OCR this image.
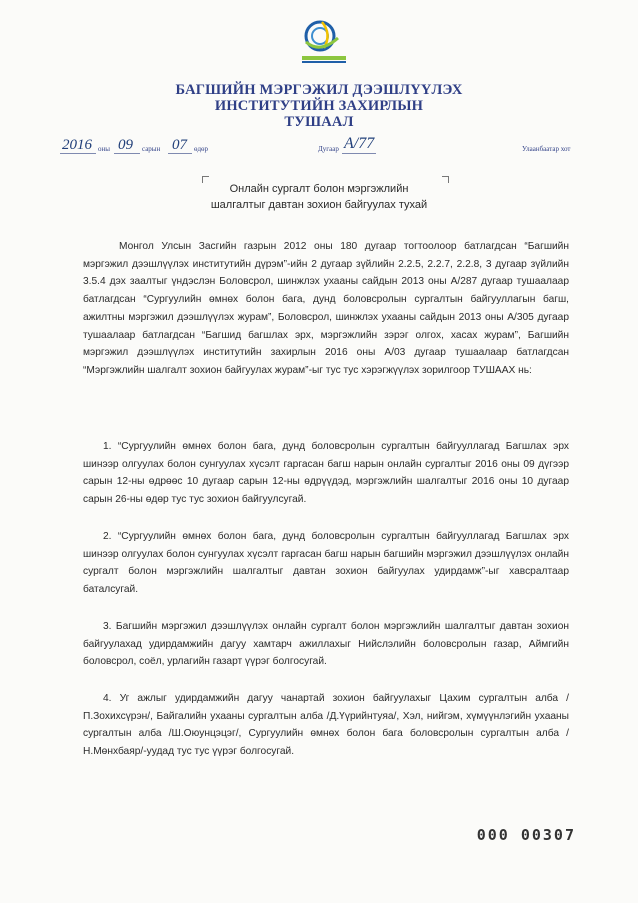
БАГШИЙН МЭРГЭЖИЛ ДЭЭШЛҮҮЛЭХ
ИНСТИТУТИЙН ЗАХИРЛЫН
ТУШААЛ
2016 оны 09 сарын 07 өдөр	Дугаар А/77	Улаанбаатар хот
Онлайн сургалт болон мэргэжлийн
шалгалтыг давтан зохион байгуулах тухай

Монгол Улсын Засгийн газрын 2012 оны 180 дугаар тогтоолоор батлагдсан “Багшийн мэргэжил дээшлүүлэх институтийн дүрэм”-ийн 2 дугаар зүйлийн 2.2.5, 2.2.7, 2.2.8, 3 дугаар зүйлийн 3.5.4 дэх заалтыг үндэслэн Боловсрол, шинжлэх ухааны сайдын 2013 оны А/287 дугаар тушаалаар батлагдсан “Сургуулийн өмнөх болон бага, дунд боловсролын сургалтын байгууллагын багш, ажилтны мэргэжил дээшлүүлэх журам”, Боловсрол, шинжлэх ухааны сайдын 2013 оны А/305 дугаар тушаалаар батлагдсан “Багшид багшлах эрх, мэргэжлийн зэрэг олгох, хасах журам”, Багшийн мэргэжил дээшлүүлэх институтийн захирлын 2016 оны А/03 дугаар тушаалаар батлагдсан “Мэргэжлийн шалгалт зохион байгуулах журам”-ыг тус тус хэрэгжүүлэх зорилгоор ТУШААХ нь:

1. “Сургуулийн өмнөх болон бага, дунд боловсролын сургалтын байгууллагад Багшлах эрх шинээр олгуулах болон сунгуулах хүсэлт гаргасан багш нарын онлайн сургалтыг 2016 оны 09 дүгээр сарын 12-ны өдрөөс 10 дугаар сарын 12-ны өдрүүдэд, мэргэжлийн шалгалтыг 2016 оны 10 дугаар сарын 26-ны өдөр тус тус зохион байгуулсугай.

2. “Сургуулийн өмнөх болон бага, дунд боловсролын сургалтын байгууллагад Багшлах эрх шинээр олгуулах болон сунгуулах хүсэлт гаргасан багш нарын багшийн мэргэжил дээшлүүлэх онлайн сургалт болон мэргэжлийн шалгалтыг давтан зохион байгуулах удирдамж”-ыг хавсралтаар баталсугай.

3. Багшийн мэргэжил дээшлүүлэх онлайн сургалт болон мэргэжлийн шалгалтыг давтан зохион байгуулахад удирдамжийн дагуу хамтарч ажиллахыг Нийслэлийн боловсролын газар, Аймгийн боловсрол, соёл, урлагийн газарт үүрэг болгосугай.

4. Уг ажлыг удирдамжийн дагуу чанартай зохион байгуулахыг Цахим сургалтын алба /П.Зохихсүрэн/, Байгалийн ухааны сургалтын алба /Д.Үүрийнтуяа/, Хэл, нийгэм, хүмүүнлэгийн ухааны сургалтын алба /Ш.Оюунцэцэг/, Сургуулийн өмнөх болон бага боловсролын сургалтын алба /Н.Мөнхбаяр/-уудад тус тус үүрэг болгосугай.

000 00307
